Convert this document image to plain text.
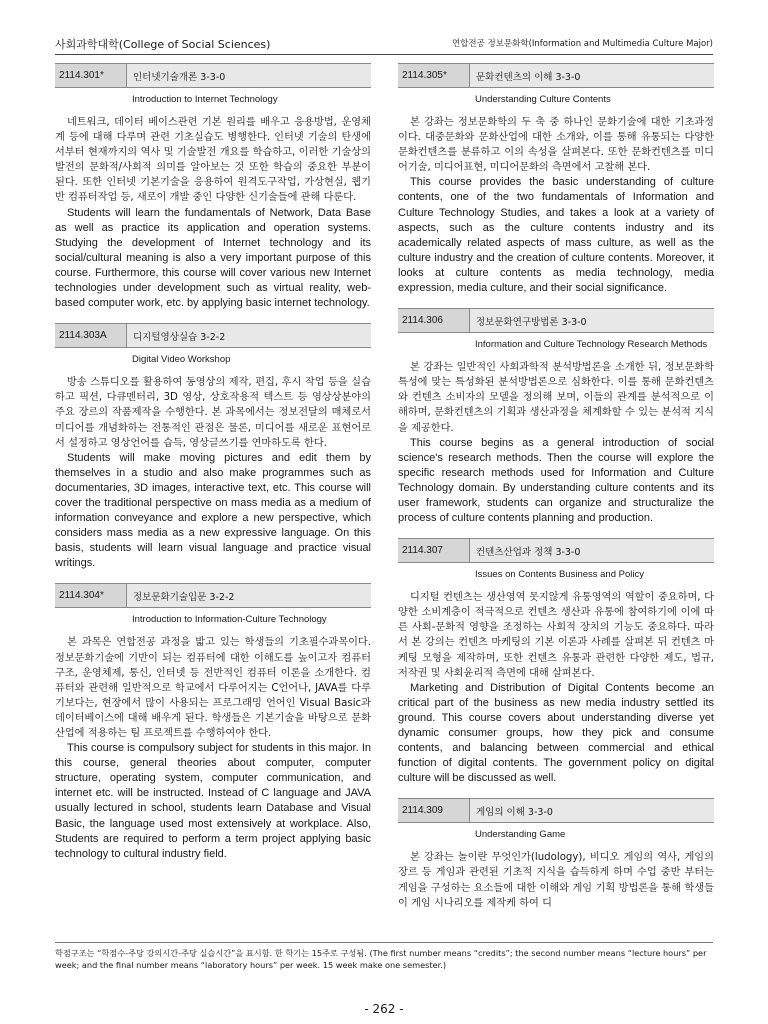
사회과학대학(College of Social Sciences)	연합전공 정보문화학(Information and Multimedia Culture Major)
2114.301*	인터넷기술개론 3-3-0
Introduction to Internet Technology

네트워크, 데이터 베이스관련 기본 원리를 배우고 응용방법, 운영체계 등에 대해 다루며 관련 기초실습도 병행한다. 인터넷 기술의 탄생에서부터 현재까지의 역사 및 기술발전 개요를 학습하고, 이러한 기술상의 발전의 문화적/사회적 의미를 알아보는 것 또한 학습의 중요한 부분이 된다. 또한 인터넷 기본기술을 응용하여 원격도구작업, 가상현실, 웹기반 컴퓨터작업 등, 새로이 개발 중인 다양한 신기술들에 관해 다룬다.

Students will learn the fundamentals of Network, Data Base as well as practice its application and operation systems. Studying the development of Internet technology and its social/cultural meaning is also a very important purpose of this course. Furthermore, this course will cover various new Internet technologies under development such as virtual reality, web-based computer work, etc. by applying basic internet technology.

2114.303A	디지털영상실습 3-2-2
Digital Video Workshop

방송 스튜디오를 활용하여 동영상의 제작, 편집, 후시 작업 등을 실습하고 픽션, 다큐멘터리, 3D 영상, 상호작용적 텍스트 등 영상상분야의 주요 장르의 작품제작을 수행한다. 본 과목에서는 정보전달의 매체로서 미디어를 개념화하는 전통적인 관점은 물론, 미디어를 새로운 표현어로서 설정하고 영상언어를 습득, 영상글쓰기를 연마하도록 한다.

Students will make moving pictures and edit them by themselves in a studio and also make programmes such as documentaries, 3D images, interactive text, etc. This course will cover the traditional perspective on mass media as a medium of information conveyance and explore a new perspective, which considers mass media as a new expressive language. On this basis, students will learn visual language and practice visual writings.

2114.304*	정보문화기술입문 3-2-2
Introduction to Information-Culture Technology

본 과목은 연합전공 과정을 밟고 있는 학생들의 기초필수과목이다. 정보문화기술에 기반이 되는 컴퓨터에 대한 이해도를 높이고자 컴퓨터 구조, 운영체제, 통신, 인터넷 등 전반적인 컴퓨터 이론을 소개한다. 컴퓨터와 관련해 일반적으로 학교에서 다루어지는 C언어나, JAVA를 다루기보다는, 현장에서 많이 사용되는 프로그래밍 언어인 Visual Basic과 데이터베이스에 대해 배우게 된다. 학생들은 기본기술을 바탕으로 문화산업에 적용하는 팀 프로젝트를 수행하여야 한다.

This course is compulsory subject for students in this major. In this course, general theories about computer, computer structure, operating system, computer communication, and internet etc. will be instructed. Instead of C language and JAVA usually lectured in school, students learn Database and Visual Basic, the language used most extensively at workplace. Also, Students are required to perform a term project applying basic technology to cultural industry field.

2114.305*	문화컨텐츠의 이해 3-3-0
Understanding Culture Contents

본 강좌는 정보문화학의 두 축 중 하나인 문화기술에 대한 기초과정이다. 대중문화와 문화산업에 대한 소개와, 이를 통해 유통되는 다양한 문화컨텐츠를 분류하고 이의 속성을 살펴본다. 또한 문화컨텐츠를 미디어기술, 미디어표현, 미디어문화의 측면에서 고찰해 본다.

This course provides the basic understanding of culture contents, one of the two fundamentals of Information and Culture Technology Studies, and takes a look at a variety of aspects, such as the culture contents industry and its academically related aspects of mass culture, as well as the culture industry and the creation of culture contents. Moreover, it looks at culture contents as media technology, media expression, media culture, and their social significance.

2114.306	정보문화연구방법론 3-3-0
Information and Culture Technology Research Methods

본 강좌는 일반적인 사회과학적 분석방법론을 소개한 뒤, 정보문화학 특성에 맞는 특성화된 분석방법론으로 심화한다. 이를 통해 문화컨텐츠와 컨텐츠 소비자의 모델을 정의해 보며, 이들의 관계를 분석적으로 이해하며, 문화컨텐츠의 기획과 생산과정을 체계화할 수 있는 분석적 지식을 제공한다.

This course begins as a general introduction of social science's research methods. Then the course will explore the specific research methods used for Information and Culture Technology domain. By understanding culture contents and its user framework, students can organize and structuralize the process of culture contents planning and production.

2114.307	컨텐츠산업과 정책 3-3-0
Issues on Contents Business and Policy

디지털 컨텐츠는 생산영역 못지않게 유통영역의 역할이 중요하며, 다양한 소비계층이 적극적으로 컨텐츠 생산과 유통에 참여하기에 이에 따른 사회-문화적 영향을 조정하는 사회적 장치의 기능도 중요하다. 따라서 본 강의는 컨텐츠 마케팅의 기본 이론과 사례를 살펴본 뒤 컨텐츠 마케팅 모형을 제작하며, 또한 컨텐츠 유통과 관련한 다양한 제도, 법규, 저작권 및 사회윤리적 측면에 대해 살펴본다.

Marketing and Distribution of Digital Contents become an critical part of the business as new media industry settled its ground. This course covers about understanding diverse yet dynamic consumer groups, how they pick and consume contents, and balancing between commercial and ethical function of digital contents. The government policy on digital culture will be discussed as well.

2114.309	게임의 이해 3-3-0
Understanding Game

본 강좌는 놀이란 무엇인가(ludology), 비디오 게임의 역사, 게임의 장르 등 게임과 관련된 기초적 지식을 습득하게 하며 수업 중반 부터는 게임을 구성하는 요소들에 대한 이해와 게임 기획 방법론을 통해 학생들이 게임 시나리오를 제작케 하여 디

학점구조는 “학점수-주당 강의시간-주당 실습시간”을 표시함. 한 학기는 15주로 구성됨. (The first number means “credits”; the second number means “lecture hours” per week; and the final number means “laboratory hours” per week. 15 week make one semester.)
- 262 -
